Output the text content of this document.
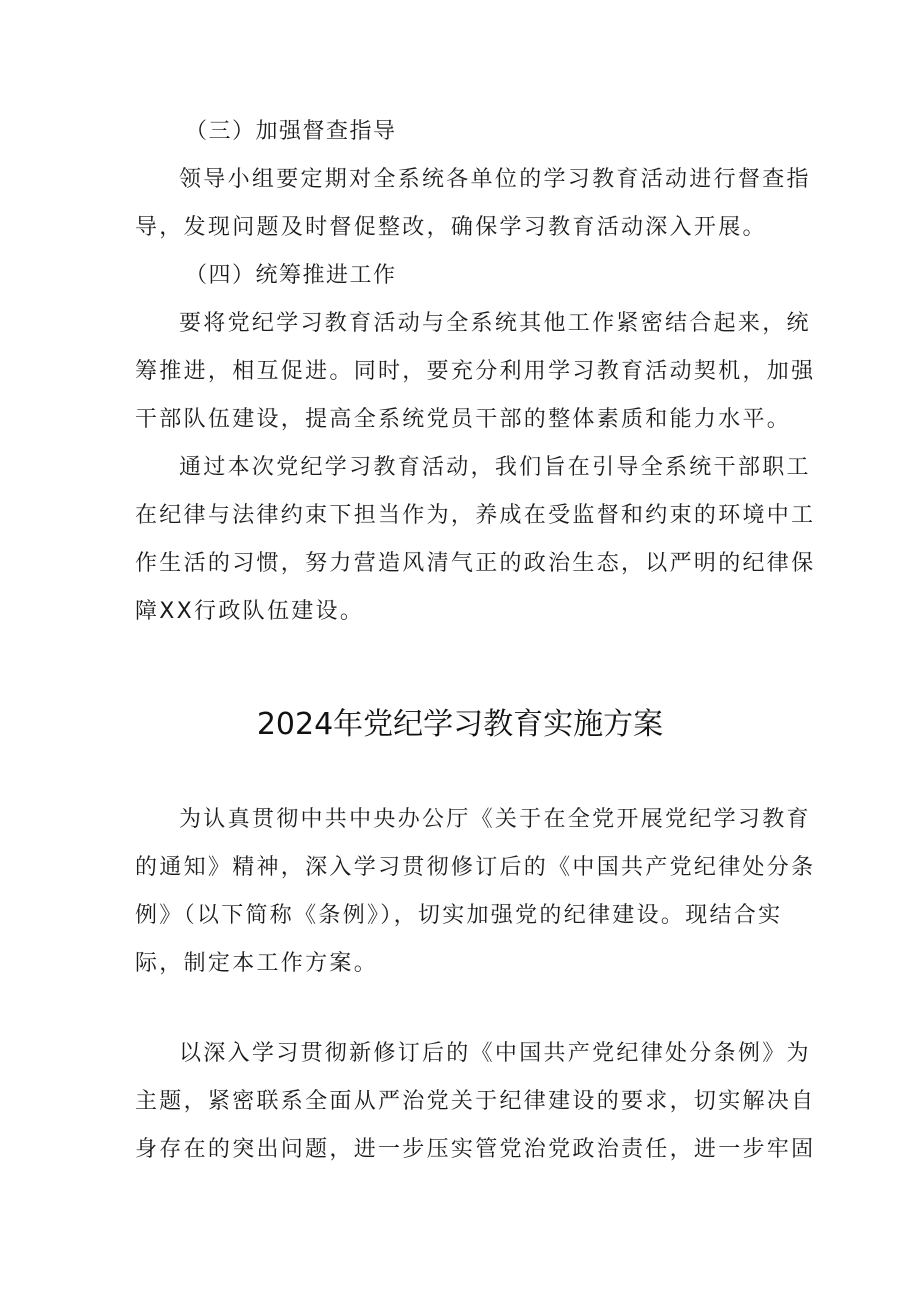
（三）加强督查指导
领导小组要定期对全系统各单位的学习教育活动进行督查指
导，发现问题及时督促整改，确保学习教育活动深入开展。
（四）统筹推进工作
要将党纪学习教育活动与全系统其他工作紧密结合起来，统
筹推进，相互促进。同时，要充分利用学习教育活动契机，加强
干部队伍建设，提高全系统党员干部的整体素质和能力水平。
通过本次党纪学习教育活动，我们旨在引导全系统干部职工
在纪律与法律约束下担当作为，养成在受监督和约束的环境中工
作生活的习惯，努力营造风清气正的政治生态，以严明的纪律保
障XX行政队伍建设。
2024年党纪学习教育实施方案
为认真贯彻中共中央办公厅《关于在全党开展党纪学习教育
的通知》精神，深入学习贯彻修订后的《中国共产党纪律处分条
例》（以下简称《条例》），切实加强党的纪律建设。现结合实
际，制定本工作方案。
以深入学习贯彻新修订后的《中国共产党纪律处分条例》为
主题，紧密联系全面从严治党关于纪律建设的要求，切实解决自
身存在的突出问题，进一步压实管党治党政治责任，进一步牢固
